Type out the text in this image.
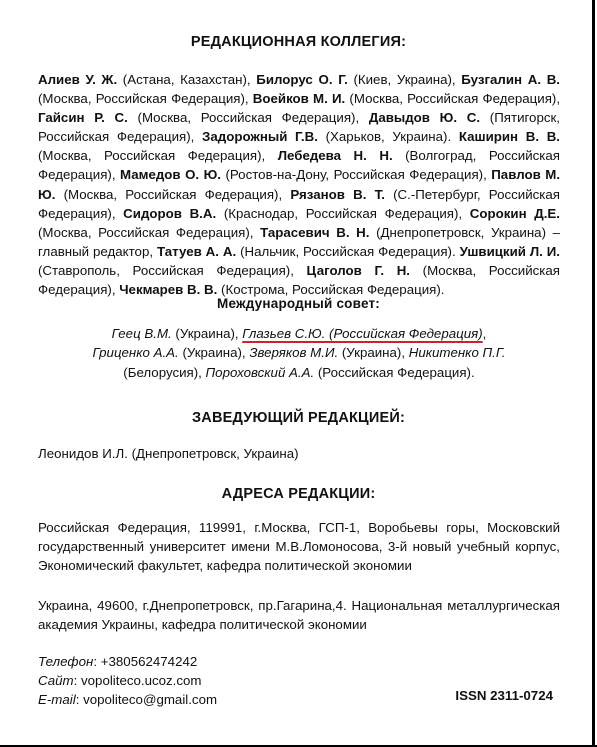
РЕДАКЦИОННАЯ КОЛЛЕГИЯ:
Алиев У. Ж. (Астана, Казахстан), Билорус О. Г. (Киев, Украина), Бузгалин А. В. (Москва, Российская Федерация), Воейков М. И. (Москва, Российская Федерация), Гайсин Р. С. (Москва, Российская Федерация), Давыдов Ю. С. (Пятигорск, Российская Федерация), Задорожный Г.В. (Харьков, Украина). Каширин В. В. (Москва, Российская Федерация), Лебедева Н. Н. (Волгоград, Российская Федерация), Мамедов О. Ю. (Ростов-на-Дону, Российская Федерация), Павлов М. Ю. (Москва, Российская Федерация), Рязанов В. Т. (С.-Петербург, Российская Федерация), Сидоров В.А. (Краснодар, Российская Федерация), Сорокин Д.Е. (Москва, Российская Федерация), Тарасевич В. Н. (Днепропетровск, Украина) – главный редактор, Татуев А. А. (Нальчик, Российская Федерация). Ушвицкий Л. И. (Ставрополь, Российская Федерация), Цаголов Г. Н. (Москва, Российская Федерация), Чекмарев В. В. (Кострома, Российская Федерация).
Международный совет:
Геец В.М. (Украина), Глазьев С.Ю. (Российская Федерация),
Гриценко А.А. (Украина), Зверяков М.И. (Украина), Никитенко П.Г.
(Белорусия), Пороховский А.А. (Российская Федерация).
ЗАВЕДУЮЩИЙ РЕДАКЦИЕЙ:
Леонидов И.Л. (Днепропетровск, Украина)
АДРЕСА РЕДАКЦИИ:
Российская Федерация, 119991, г.Москва, ГСП-1, Воробьевы горы, Московский государственный университет имени М.В.Ломоносова, 3-й новый учебный корпус, Экономический факультет, кафедра политической экономии
Украина, 49600, г.Днепропетровск, пр.Гагарина,4. Национальная металлургическая академия Украины, кафедра политической экономии
Телефон: +380562474242
Сайт: vopoliteco.ucoz.com
E-mail: vopoliteco@gmail.com	ISSN 2311-0724
